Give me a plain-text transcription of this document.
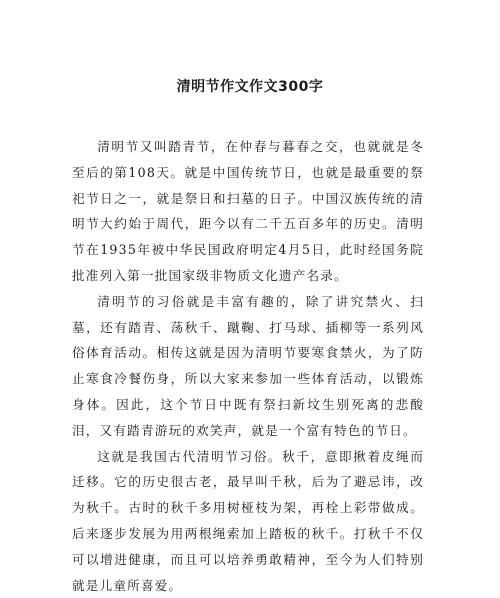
清明节作文作文300字

清明节又叫踏青节，在仲春与暮春之交，也就就是冬至后的第108天。就是中国传统节日，也就是最重要的祭祀节日之一，就是祭日和扫墓的日子。中国汉族传统的清明节大约始于周代，距今以有二千五百多年的历史。清明节在1935年被中华民国政府明定4月5日，此时经国务院批准列入第一批国家级非物质文化遗产名录。

清明节的习俗就是丰富有趣的，除了讲究禁火、扫墓，还有踏青、荡秋千、蹴鞠、打马球、插柳等一系列风俗体育活动。相传这就是因为清明节要寒食禁火，为了防止寒食冷餐伤身，所以大家来参加一些体育活动，以锻炼身体。因此，这个节日中既有祭扫新坟生别死离的悲酸泪，又有踏青游玩的欢笑声，就是一个富有特色的节日。

这就是我国古代清明节习俗。秋千，意即揪着皮绳而迁移。它的历史很古老，最早叫千秋，后为了避忌讳，改为秋千。古时的秋千多用树桠枝为架，再栓上彩带做成。后来逐步发展为用两根绳索加上踏板的秋千。打秋千不仅可以增进健康，而且可以培养勇敢精神，至今为人们特别就是儿童所喜爱。
